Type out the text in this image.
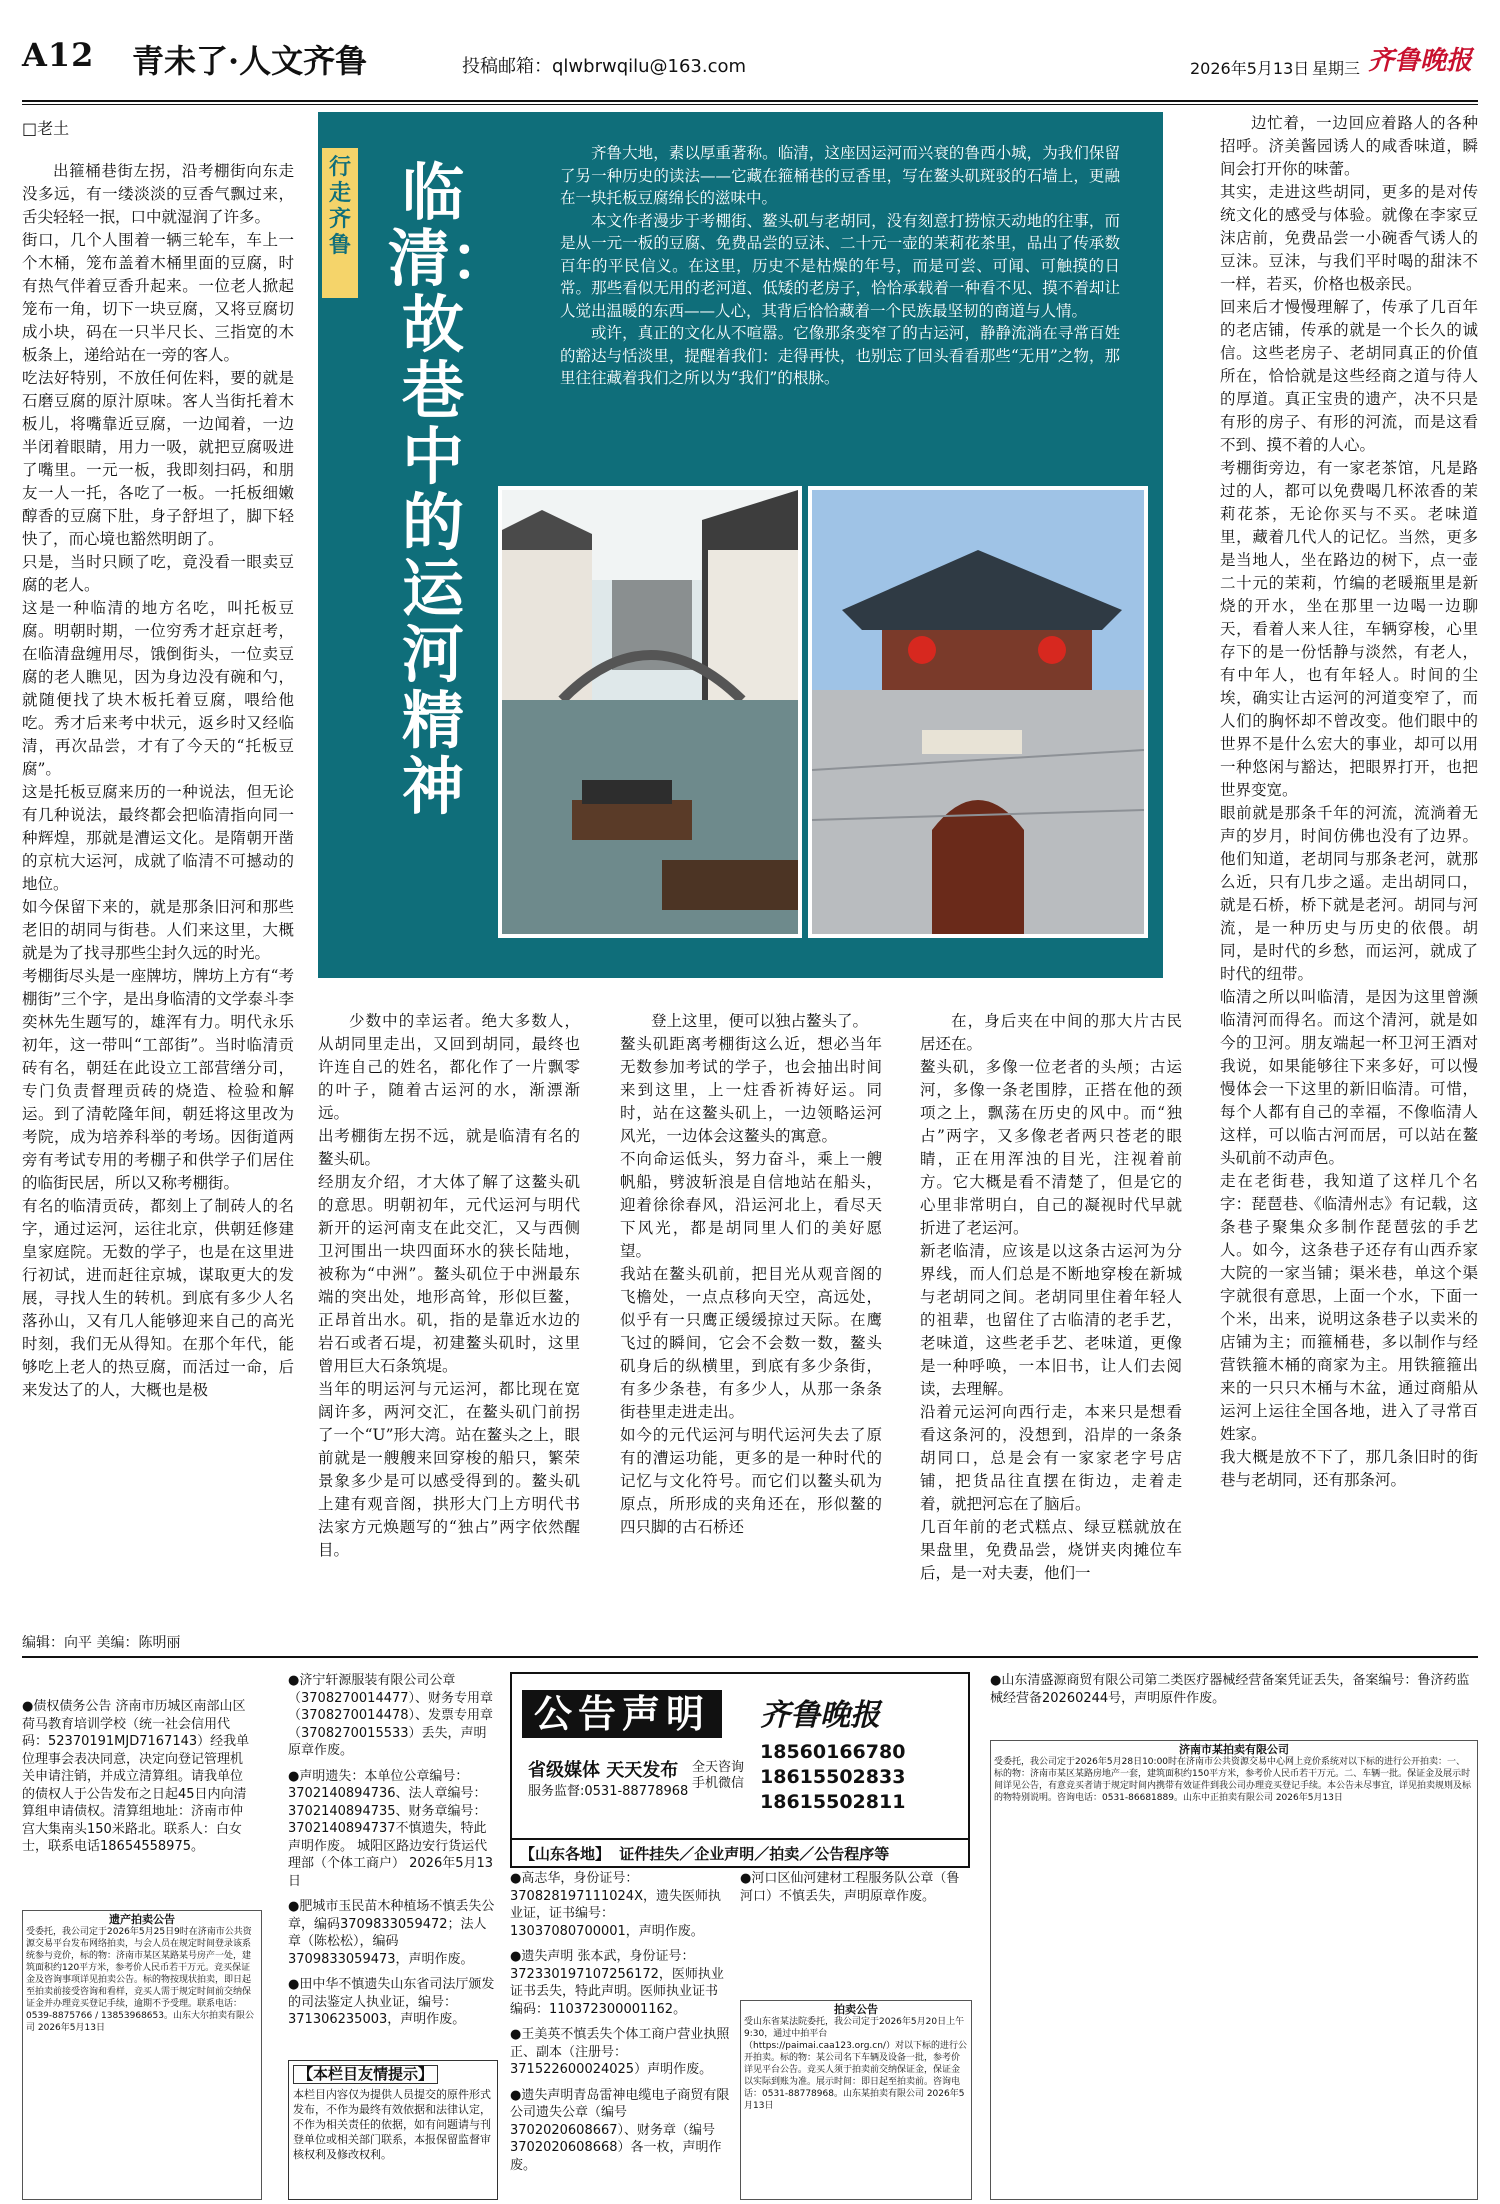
A12 青未了·人文齐鲁	投稿邮箱：qlwbrwqilu@163.com	2026年5月13日 星期三 齐鲁晚报
□老土
出箍桶巷街左拐，沿考棚街向东走没多远，有一缕淡淡的豆香气飘过来，舌尖轻轻一抿，口中就湿润了许多。
街口，几个人围着一辆三轮车，车上一个木桶，笼布盖着木桶里面的豆腐，时有热气伴着豆香升起来。一位老人掀起笼布一角，切下一块豆腐，又将豆腐切成小块，码在一只半尺长、三指宽的木板条上，递给站在一旁的客人。
吃法好特别，不放任何佐料，要的就是石磨豆腐的原汁原味。客人当街托着木板儿，将嘴靠近豆腐，一边闻着，一边半闭着眼睛，用力一吸，就把豆腐吸进了嘴里。一元一板，我即刻扫码，和朋友一人一托，各吃了一板。一托板细嫩醇香的豆腐下肚，身子舒坦了，脚下轻快了，而心境也豁然明朗了。
只是，当时只顾了吃，竟没看一眼卖豆腐的老人。
这是一种临清的地方名吃，叫托板豆腐。明朝时期，一位穷秀才赶京赶考，在临清盘缠用尽，饿倒街头，一位卖豆腐的老人瞧见，因为身边没有碗和勺，就随便找了块木板托着豆腐，喂给他吃。秀才后来考中状元，返乡时又经临清，再次品尝，才有了今天的“托板豆腐”。
这是托板豆腐来历的一种说法，但无论有几种说法，最终都会把临清指向同一种辉煌，那就是漕运文化。是隋朝开凿的京杭大运河，成就了临清不可撼动的地位。
如今保留下来的，就是那条旧河和那些老旧的胡同与街巷。人们来这里，大概就是为了找寻那些尘封久远的时光。
考棚街尽头是一座牌坊，牌坊上方有“考棚街”三个字，是出身临清的文学泰斗李奕林先生题写的，雄浑有力。明代永乐初年，这一带叫“工部街”。当时临清贡砖有名，朝廷在此设立工部营缮分司，专门负责督理贡砖的烧造、检验和解运。到了清乾隆年间，朝廷将这里改为考院，成为培养科举的考场。因街道两旁有考试专用的考棚子和供学子们居住的临街民居，所以又称考棚街。
有名的临清贡砖，都刻上了制砖人的名字，通过运河，运往北京，供朝廷修建皇家庭院。无数的学子，也是在这里进行初试，进而赶往京城，谋取更大的发展，寻找人生的转机。到底有多少人名落孙山，又有几人能够迎来自己的高光时刻，我们无从得知。在那个年代，能够吃上老人的热豆腐，而活过一命，后来发达了的人，大概也是极
行走齐鲁
临清：故巷中的运河精神

齐鲁大地，素以厚重著称。临清，这座因运河而兴衰的鲁西小城，为我们保留了另一种历史的读法——它藏在箍桶巷的豆香里，写在鳌头矶斑驳的石墙上，更融在一块托板豆腐绵长的滋味中。

本文作者漫步于考棚街、鳌头矶与老胡同，没有刻意打捞惊天动地的往事，而是从一元一板的豆腐、免费品尝的豆沫、二十元一壶的茉莉花茶里，品出了传承数百年的平民信义。在这里，历史不是枯燥的年号，而是可尝、可闻、可触摸的日常。那些看似无用的老河道、低矮的老房子，恰恰承载着一种看不见、摸不着却让人觉出温暖的东西——人心，其背后恰恰藏着一个民族最坚韧的商道与人情。

或许，真正的文化从不喧嚣。它像那条变窄了的古运河，静静流淌在寻常百姓的豁达与恬淡里，提醒着我们：走得再快，也别忘了回头看看那些“无用”之物，那里往往藏着我们之所以为“我们”的根脉。

少数中的幸运者。绝大多数人，从胡同里走出，又回到胡同，最终也许连自己的姓名，都化作了一片飘零的叶子，随着古运河的水，渐漂渐远。
出考棚街左拐不远，就是临清有名的鳌头矶。
经朋友介绍，才大体了解了这鳌头矶的意思。明朝初年，元代运河与明代新开的运河南支在此交汇，又与西侧卫河围出一块四面环水的狭长陆地，被称为“中洲”。鳌头矶位于中洲最东端的突出处，地形高耸，形似巨鳌，正昂首出水。矶，指的是靠近水边的岩石或者石堤，初建鳌头矶时，这里曾用巨大石条筑堤。
当年的明运河与元运河，都比现在宽阔许多，两河交汇，在鳌头矶门前拐了一个“U”形大湾。站在鳌头之上，眼前就是一艘艘来回穿梭的船只，繁荣景象多少是可以感受得到的。鳌头矶上建有观音阁，拱形大门上方明代书法家方元焕题写的“独占”两字依然醒目。
登上这里，便可以独占鳌头了。
鳌头矶距离考棚街这么近，想必当年无数参加考试的学子，也会抽出时间来到这里，上一炷香祈祷好运。同时，站在这鳌头矶上，一边领略运河风光，一边体会这鳌头的寓意。
不向命运低头，努力奋斗，乘上一艘帆船，劈波斩浪是自信地站在船头，迎着徐徐春风，沿运河北上，看尽天下风光，都是胡同里人们的美好愿望。
我站在鳌头矶前，把目光从观音阁的飞檐处，一点点移向天空，高远处，似乎有一只鹰正缓缓掠过天际。在鹰飞过的瞬间，它会不会数一数，鳌头矶身后的纵横里，到底有多少条街，有多少条巷，有多少人，从那一条条街巷里走进走出。
如今的元代运河与明代运河失去了原有的漕运功能，更多的是一种时代的记忆与文化符号。而它们以鳌头矶为原点，所形成的夹角还在，形似鳌的四只脚的古石桥还
在，身后夹在中间的那大片古民居还在。
鳌头矶，多像一位老者的头颅；古运河，多像一条老围脖，正搭在他的颈项之上，飘荡在历史的风中。而“独占”两字，又多像老者两只苍老的眼睛，正在用浑浊的目光，注视着前方。它大概是看不清楚了，但是它的心里非常明白，自己的凝视时代早就折进了老运河。
新老临清，应该是以这条古运河为分界线，而人们总是不断地穿梭在新城与老胡同之间。老胡同里住着年轻人的祖辈，也留住了古临清的老手艺，老味道，这些老手艺、老味道，更像是一种呼唤，一本旧书，让人们去阅读，去理解。
沿着元运河向西行走，本来只是想看看这条河的，没想到，沿岸的一条条胡同口，总是会有一家家老字号店铺，把货品往直摆在街边，走着走着，就把河忘在了脑后。
几百年前的老式糕点、绿豆糕就放在果盘里，免费品尝，烧饼夹肉摊位车后，是一对夫妻，他们一
边忙着，一边回应着路人的各种招呼。济美酱园诱人的咸香味道，瞬间会打开你的味蕾。
其实，走进这些胡同，更多的是对传统文化的感受与体验。就像在李家豆沫店前，免费品尝一小碗香气诱人的豆沫。豆沫，与我们平时喝的甜沫不一样，若买，价格也极亲民。
回来后才慢慢理解了，传承了几百年的老店铺，传承的就是一个长久的诚信。这些老房子、老胡同真正的价值所在，恰恰就是这些经商之道与待人的厚道。真正宝贵的遗产，决不只是有形的房子、有形的河流，而是这看不到、摸不着的人心。
考棚街旁边，有一家老茶馆，凡是路过的人，都可以免费喝几杯浓香的茉莉花茶，无论你买与不买。老味道里，藏着几代人的记忆。当然，更多是当地人，坐在路边的树下，点一壶二十元的茉莉，竹编的老暖瓶里是新烧的开水，坐在那里一边喝一边聊天，看着人来人往，车辆穿梭，心里存下的是一份恬静与淡然，有老人，有中年人，也有年轻人。时间的尘埃，确实让古运河的河道变窄了，而人们的胸怀却不曾改变。他们眼中的世界不是什么宏大的事业，却可以用一种悠闲与豁达，把眼界打开，也把世界变宽。
眼前就是那条千年的河流，流淌着无声的岁月，时间仿佛也没有了边界。他们知道，老胡同与那条老河，就那么近，只有几步之遥。走出胡同口，就是石桥，桥下就是老河。胡同与河流，是一种历史与历史的依偎。胡同，是时代的乡愁，而运河，就成了时代的纽带。
临清之所以叫临清，是因为这里曾濒临清河而得名。而这个清河，就是如今的卫河。朋友端起一杯卫河王酒对我说，如果能够往下来多好，可以慢慢体会一下这里的新旧临清。可惜，每个人都有自己的幸福，不像临清人这样，可以临古河而居，可以站在鳌头矶前不动声色。
走在老街巷，我知道了这样几个名字：琵琶巷、《临清州志》有记载，这条巷子聚集众多制作琵琶弦的手艺人。如今，这条巷子还存有山西乔家大院的一家当铺；渠米巷，单这个渠字就很有意思，上面一个水，下面一个米，出来，说明这条巷子以卖米的店铺为主；而箍桶巷，多以制作与经营铁箍木桶的商家为主。用铁箍箍出来的一只只木桶与木盆，通过商船从运河上运往全国各地，进入了寻常百姓家。
我大概是放不下了，那几条旧时的街巷与老胡同，还有那条河。
编辑：向平 美编：陈明丽
●债权债务公告 济南市历城区南部山区荷马教育培训学校（统一社会信用代码：52370191MJD7167143）经我单位理事会表决同意，决定向登记管理机关申请注销，并成立清算组。请我单位的债权人于公告发布之日起45日内向清算组申请债权。清算组地址：济南市仲宫大集南头150米路北。联系人：白女士，联系电话18654558975。
遗产拍卖公告
受委托，我公司定于2026年5月25日9时在济南市公共资源交易平台发布网络拍卖，与会人员在规定时间登录该系统参与竞价，标的物：济南市某区某路某号房产一处，建筑面积约120平方米，参考价人民币若干万元。竞买保证金及咨询事项详见拍卖公告。标的物按现状拍卖，即日起至拍卖前接受咨询和看样，竞买人需于规定时间前交纳保证金并办理竞买登记手续，逾期不予受理。联系电话：0539-8875766 / 13853968653。山东大尔拍卖有限公司 2026年5月13日
●济宁轩源服装有限公司公章（3708270014477）、财务专用章（3708270014478）、发票专用章（3708270015533）丢失，声明原章作废。
●声明遗失：本单位公章编号：3702140894736、法人章编号：3702140894735、财务章编号：3702140894737不慎遗失，特此声明作废。 城阳区路边安行货运代理部（个体工商户） 2026年5月13日
●肥城市玉民苗木种植场不慎丢失公章，编码3709833059472；法人章（陈松松），编码3709833059473，声明作废。
●田中华不慎遗失山东省司法厅颁发的司法鉴定人执业证，编号：371306235003，声明作废。
【本栏目友情提示】
本栏目内容仅为提供人员提交的原件形式发布，不作为最终有效依据和法律认定，不作为相关责任的依据，如有问题请与刊登单位或相关部门联系，本报保留监督审核权利及修改权利。
公告声明	齐鲁晚报
省级媒体 天天发布
服务监督:0531-88778968
全天咨询 手机微信
18560166780
18615502833
18615502811
【山东各地】 证件挂失／企业声明／拍卖／公告程序等
●高志华，身份证号：370828197111024X，遗失医师执业证，证书编号：13037080700001，声明作废。
●遗失声明 张本武，身份证号：372330197107256172，医师执业证书丢失，特此声明。医师执业证书编码：110372300001162。
●王美英不慎丢失个体工商户营业执照正、副本（注册号：371522600024025）声明作废。
●遗失声明青岛雷神电缆电子商贸有限公司遗失公章（编号3702020608667）、财务章（编号3702020608668）各一枚，声明作废。
●河口区仙河建材工程服务队公章（鲁河口）不慎丢失，声明原章作废。
拍卖公告
受山东省某法院委托，我公司定于2026年5月20日上午9:30，通过中拍平台（https://paimai.caa123.org.cn/）对以下标的进行公开拍卖。标的物：某公司名下车辆及设备一批，参考价详见平台公告。竞买人须于拍卖前交纳保证金，保证金以实际到账为准。展示时间：即日起至拍卖前。咨询电话：0531-88778968。山东某拍卖有限公司 2026年5月13日
●山东清盛源商贸有限公司第二类医疗器械经营备案凭证丢失，备案编号：鲁济药监械经营备20260244号，声明原件作废。
济南市某拍卖有限公司
受委托，我公司定于2026年5月28日10:00时在济南市公共资源交易中心网上竞价系统对以下标的进行公开拍卖：一、标的物：济南市某区某路房地产一套，建筑面积约150平方米，参考价人民币若干万元。二、车辆一批。保证金及展示时间详见公告，有意竞买者请于规定时间内携带有效证件到我公司办理竞买登记手续。本公告未尽事宜，详见拍卖规则及标的物特别说明。咨询电话：0531-86681889。山东中正拍卖有限公司 2026年5月13日
